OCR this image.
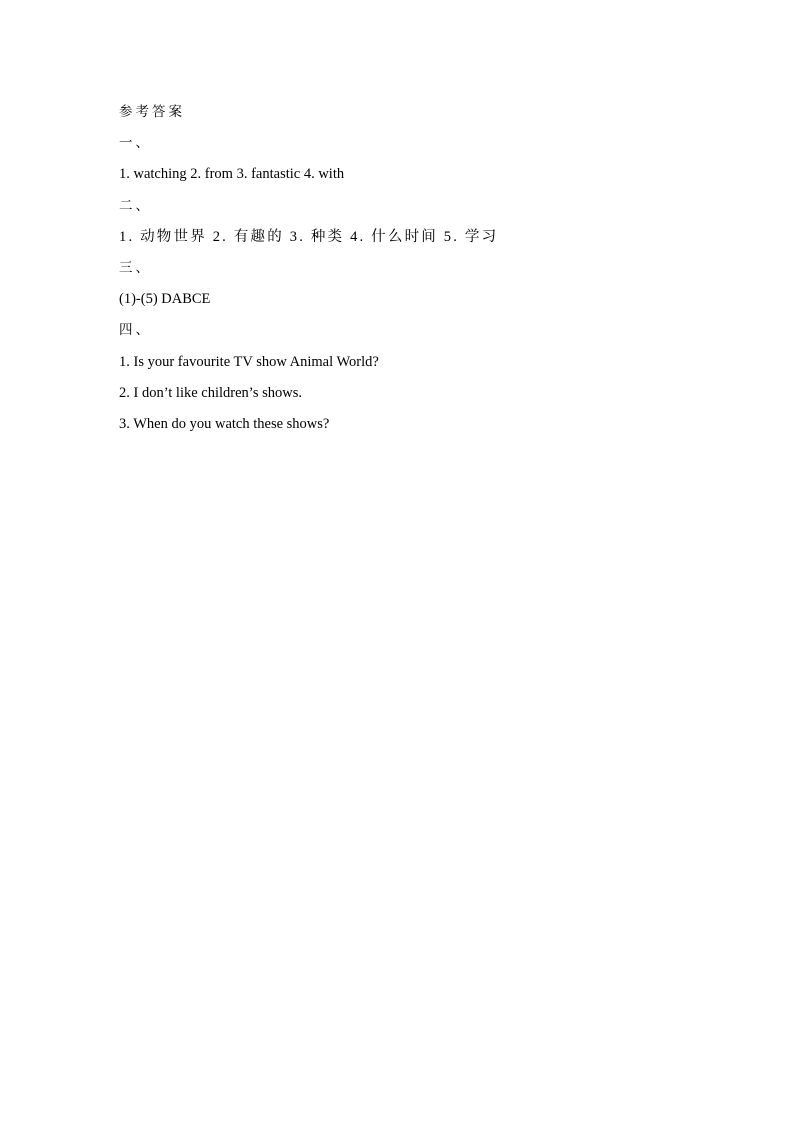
参考答案
一、
1. watching 2. from 3. fantastic 4. with
二、
1. 动物世界 2. 有趣的 3. 种类 4. 什么时间 5. 学习
三、
(1)-(5) DABCE
四、
1. Is your favourite TV show Animal World?
2. I don’t like children’s shows.
3. When do you watch these shows?
